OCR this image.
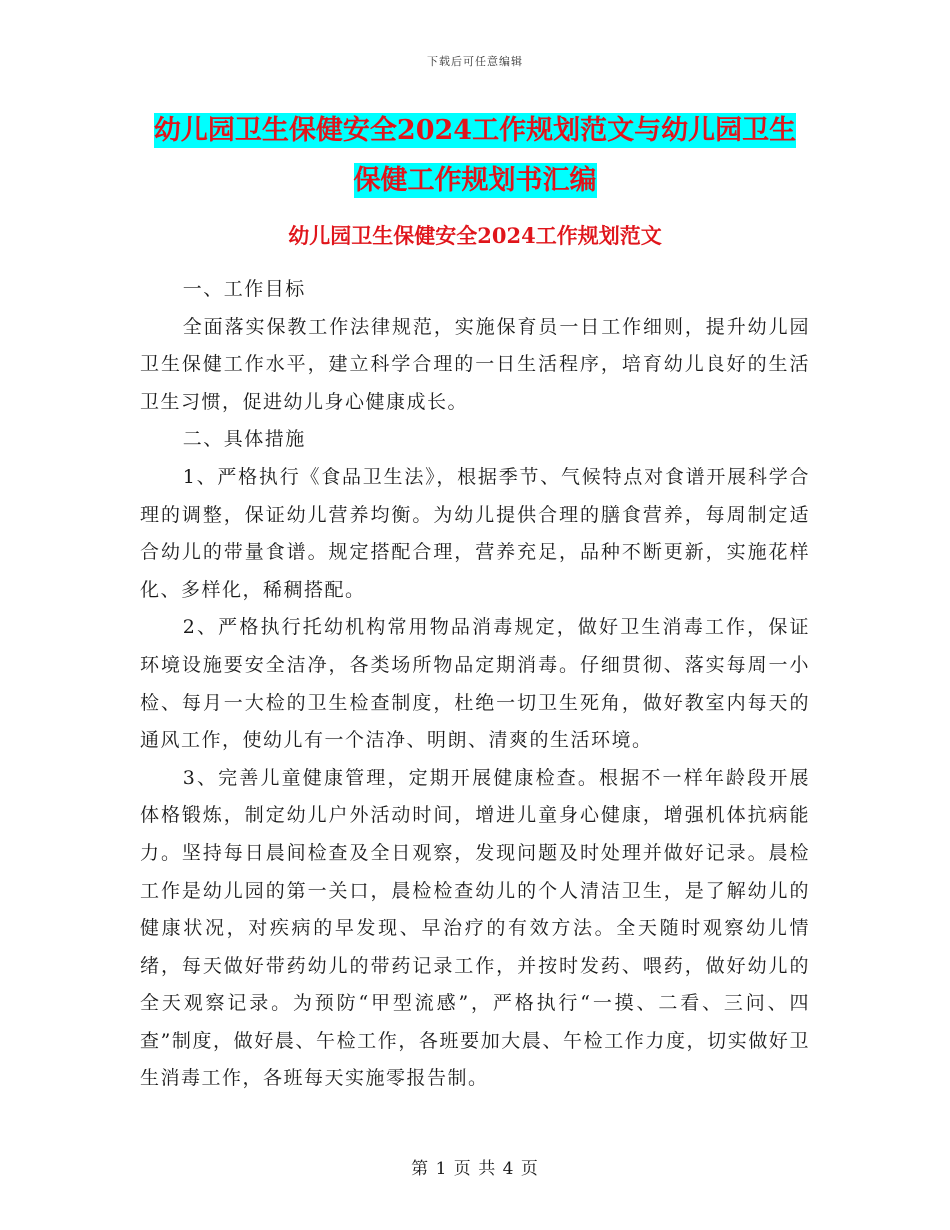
下载后可任意编辑
幼儿园卫生保健安全2024工作规划范文与幼儿园卫生
保健工作规划书汇编
幼儿园卫生保健安全2024工作规划范文

一、工作目标

全面落实保教工作法律规范，实施保育员一日工作细则，提升幼儿园卫生保健工作水平，建立科学合理的一日生活程序，培育幼儿良好的生活卫生习惯，促进幼儿身心健康成长。

二、具体措施

1、严格执行《食品卫生法》，根据季节、气候特点对食谱开展科学合理的调整，保证幼儿营养均衡。为幼儿提供合理的膳食营养，每周制定适合幼儿的带量食谱。规定搭配合理，营养充足，品种不断更新，实施花样化、多样化，稀稠搭配。

2、严格执行托幼机构常用物品消毒规定，做好卫生消毒工作，保证环境设施要安全洁净，各类场所物品定期消毒。仔细贯彻、落实每周一小检、每月一大检的卫生检查制度，杜绝一切卫生死角，做好教室内每天的通风工作，使幼儿有一个洁净、明朗、清爽的生活环境。

3、完善儿童健康管理，定期开展健康检查。根据不一样年龄段开展体格锻炼，制定幼儿户外活动时间，增进儿童身心健康，增强机体抗病能力。坚持每日晨间检查及全日观察，发现问题及时处理并做好记录。晨检工作是幼儿园的第一关口，晨检检查幼儿的个人清洁卫生，是了解幼儿的健康状况，对疾病的早发现、早治疗的有效方法。全天随时观察幼儿情绪，每天做好带药幼儿的带药记录工作，并按时发药、喂药，做好幼儿的全天观察记录。为预防“甲型流感”，严格执行“一摸、二看、三问、四查”制度，做好晨、午检工作，各班要加大晨、午检工作力度，切实做好卫生消毒工作，各班每天实施零报告制。

第 1 页 共 4 页
